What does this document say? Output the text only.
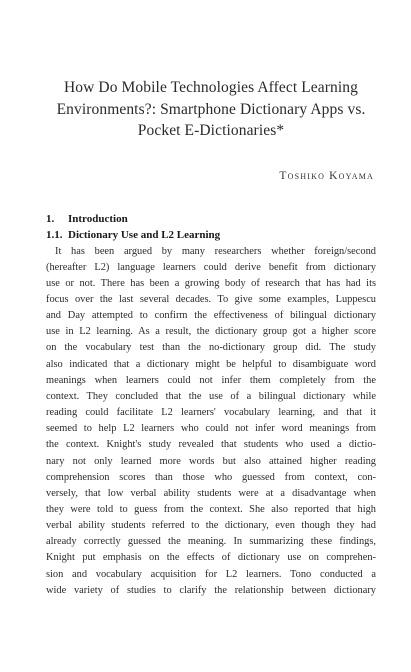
How Do Mobile Technologies Affect Learning
Environments?: Smartphone Dictionary Apps vs.
Pocket E-Dictionaries*
Toshiko Koyama
1. Introduction
1.1. Dictionary Use and L2 Learning
It has been argued by many researchers whether foreign/second
(hereafter L2) language learners could derive benefit from dictionary
use or not. There has been a growing body of research that has had its
focus over the last several decades. To give some examples, Luppescu
and Day attempted to confirm the effectiveness of bilingual dictionary
use in L2 learning. As a result, the dictionary group got a higher score
on the vocabulary test than the no-dictionary group did. The study
also indicated that a dictionary might be helpful to disambiguate word
meanings when learners could not infer them completely from the
context. They concluded that the use of a bilingual dictionary while
reading could facilitate L2 learners' vocabulary learning, and that it
seemed to help L2 learners who could not infer word meanings from
the context. Knight's study revealed that students who used a dictio-
nary not only learned more words but also attained higher reading
comprehension scores than those who guessed from context, con-
versely, that low verbal ability students were at a disadvantage when
they were told to guess from the context. She also reported that high
verbal ability students referred to the dictionary, even though they had
already correctly guessed the meaning. In summarizing these findings,
Knight put emphasis on the effects of dictionary use on comprehen-
sion and vocabulary acquisition for L2 learners. Tono conducted a
wide variety of studies to clarify the relationship between dictionary
